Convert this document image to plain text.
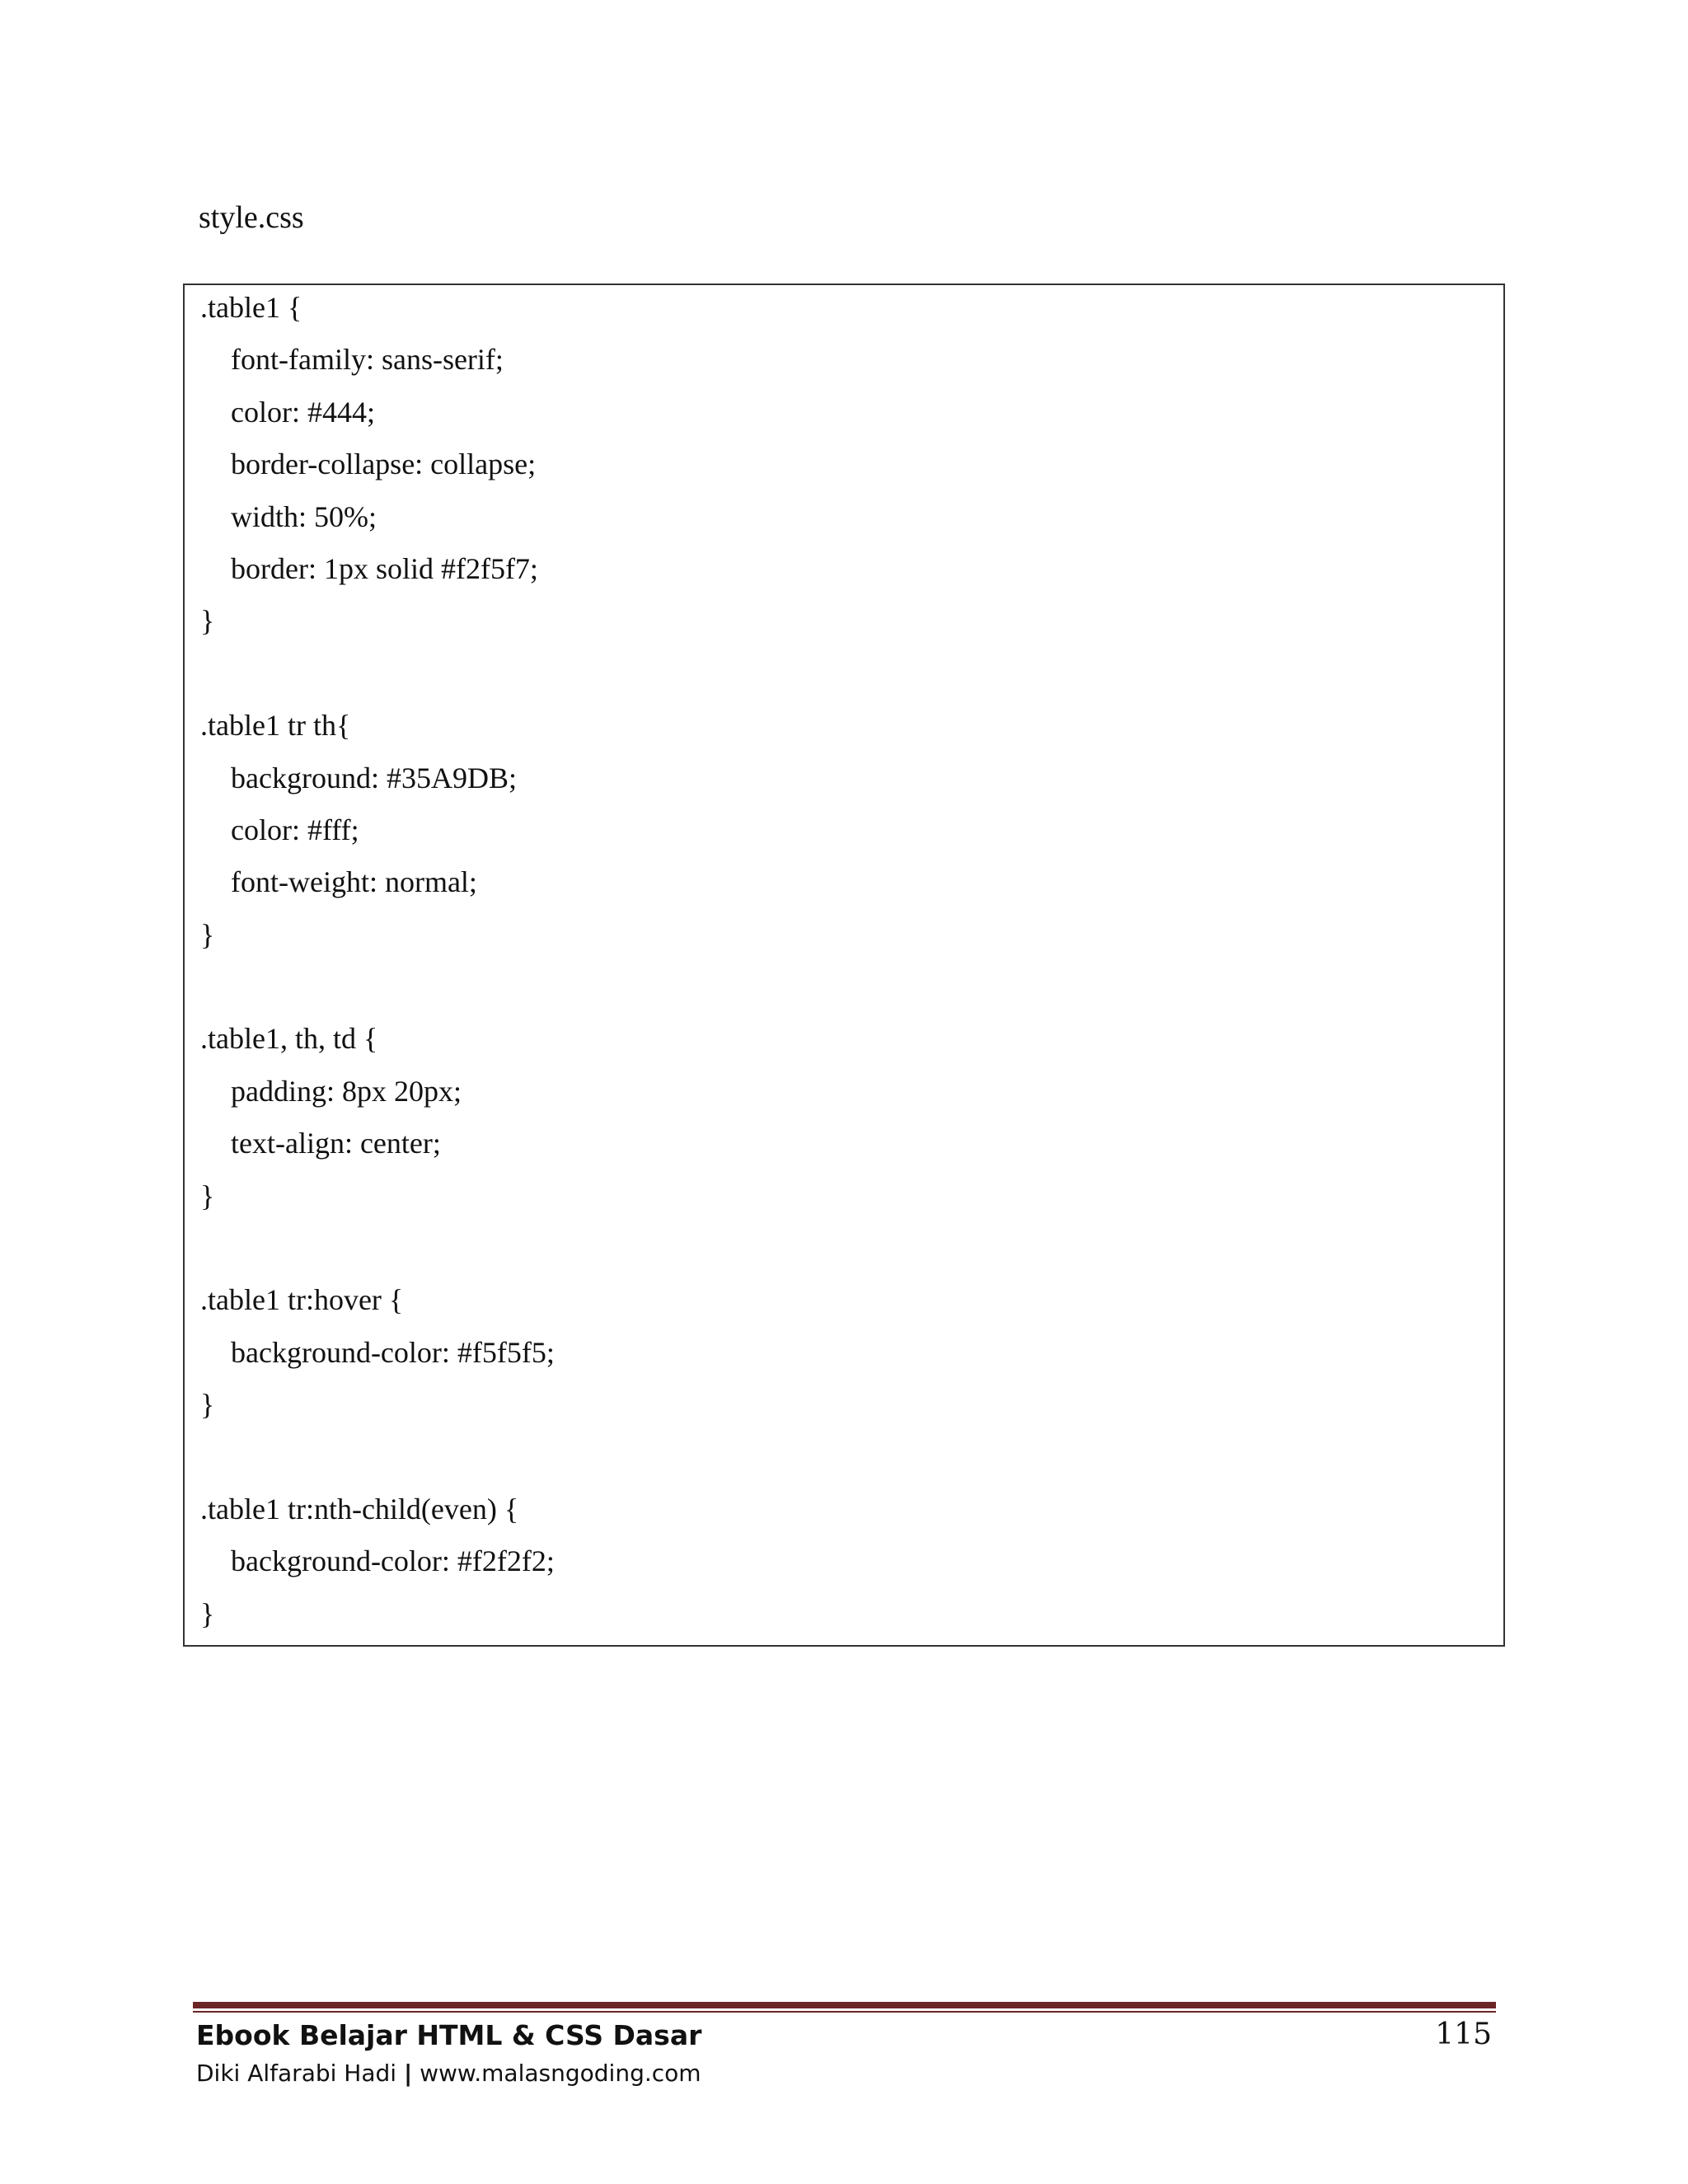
style.css

.table1 {

font-family: sans-serif;

color: #444;

border-collapse: collapse;

width: 50%;

border: 1px solid #f2f5f7;

}

.table1 tr th{

background: #35A9DB;

color: #fff;

font-weight: normal;

}

.table1, th, td {

padding: 8px 20px;

text-align: center;

}

.table1 tr:hover {

background-color: #f5f5f5;

}

.table1 tr:nth-child(even) {

background-color: #f2f2f2;

}

Ebook Belajar HTML & CSS Dasar
Diki Alfarabi Hadi | www.malasngoding.com
115
